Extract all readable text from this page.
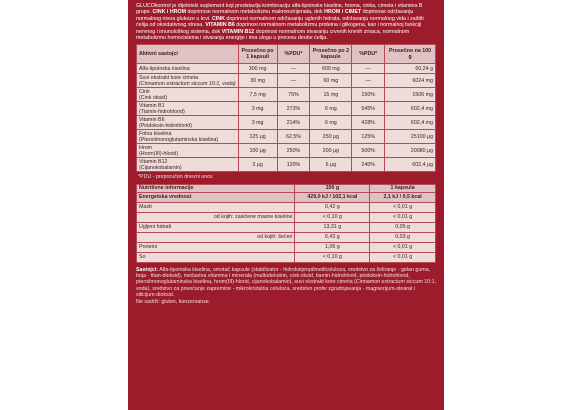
GLUCOkontrol je dijetetski suplement koji predstavlja kombinaciju alfa-lipoinske kiseline, hroma, cinka, cimeta i vitamina B grupe. CINK i HROM doprinose normalnom metabolizmu makronutrijenata, dok HROM i CIMET doprinose održavanju normalnog nivoa glukoze u krvi. CINK doprinosi normalnom održavanju uglenih hidrata, održavanju normalnog vida i zaštiti ćelija od oksidativnog stresa. VITAMIN B6 doprinosi normalnom metabolizmu proteina i glikogena, kao i normalnoj funkciji nervnog i imunološkog sistema, dok VITAMIN B12 doprinosi normalnom stvaranju crvenih krvnih zrnaca, normalnom metabolizmu homocisteina i stvaranju energije i ima ulogu u procesu deobe ćelija.

Aktivni sastojci	Prosečno po 1 kapsuli	%PDU*	Prosečno po 2 kapsule	%PDU*	Prosečno na 100 g
Alfa-lipoinska kiselina	300 mg	—	600 mg	—	60,24 g
Suvi ekstrakt kore cimeta
(Cinnamon extractum siccum 10:1, voda)	30 mg	—	60 mg	—	6024 mg
Cink
(Cink oksid)	7,5 mg	75%	15 mg	150%	1506 mg
Vitamin B1
(Tiamin-hidrohlorid)	3 mg	273%	6 mg	545%	602,4 mg
Vitamin B6
(Piridoksin-hidrohlorid)	3 mg	214%	6 mg	428%	602,4 mg
Folna kiselina
(Pteroilmonoglutaminska kiselina)	125 μg	62,5%	250 μg	125%	25100 μg
Hrom
(Hrom(III)-hlorid)	100 μg	250%	200 μg	500%	20080 μg
Vitamin B12
(Cijanokobalamin)	3 μg	120%	6 μg	240%	602,4 μg
*PDU - preporučen dnevni unos
Nutritivne informacije	100 g	1 kapsula
Energetska vrednost	429,0 kJ / 102,1 kcal	2,1 kJ / 0,5 kcal
Masti	0,42 g	< 0,01 g
od kojih: zasićene masne kiseline	< 0,10 g	< 0,01 g
Ugljeni hidrati	13,31 g	0,05 g
od kojih: šećeri	6,43 g	0,03 g
Proteini	1,06 g	< 0,01 g
So	< 0,10 g	< 0,01 g

Sastojci: Alfa-lipoinska kiselina, omotač kapsule (stabilizator - hidroksipropilmetilceluloza, sredstvo za želiranje - gelan guma, boja - titan-dioksid), mešavina vitamina i minerala (maltodekstrin, cink oksid, tiamin-hidrohlorid, piridoksin-hidrohlorid, pteroilmonoglutaminska kiselina, hrom(III)-hlorid, cijanokobalamin), suvi ekstrakt kore cimeta (Cinnamon extractum siccum 10:1, voda), sredstvo za povećanje zapremine - mikrokristalna celuloza, sredstvo protiv zgrudnjavanja - magnezijum-stearat i silicijum-dioksid.
Ne sadrži: gluten, konzervanse.
